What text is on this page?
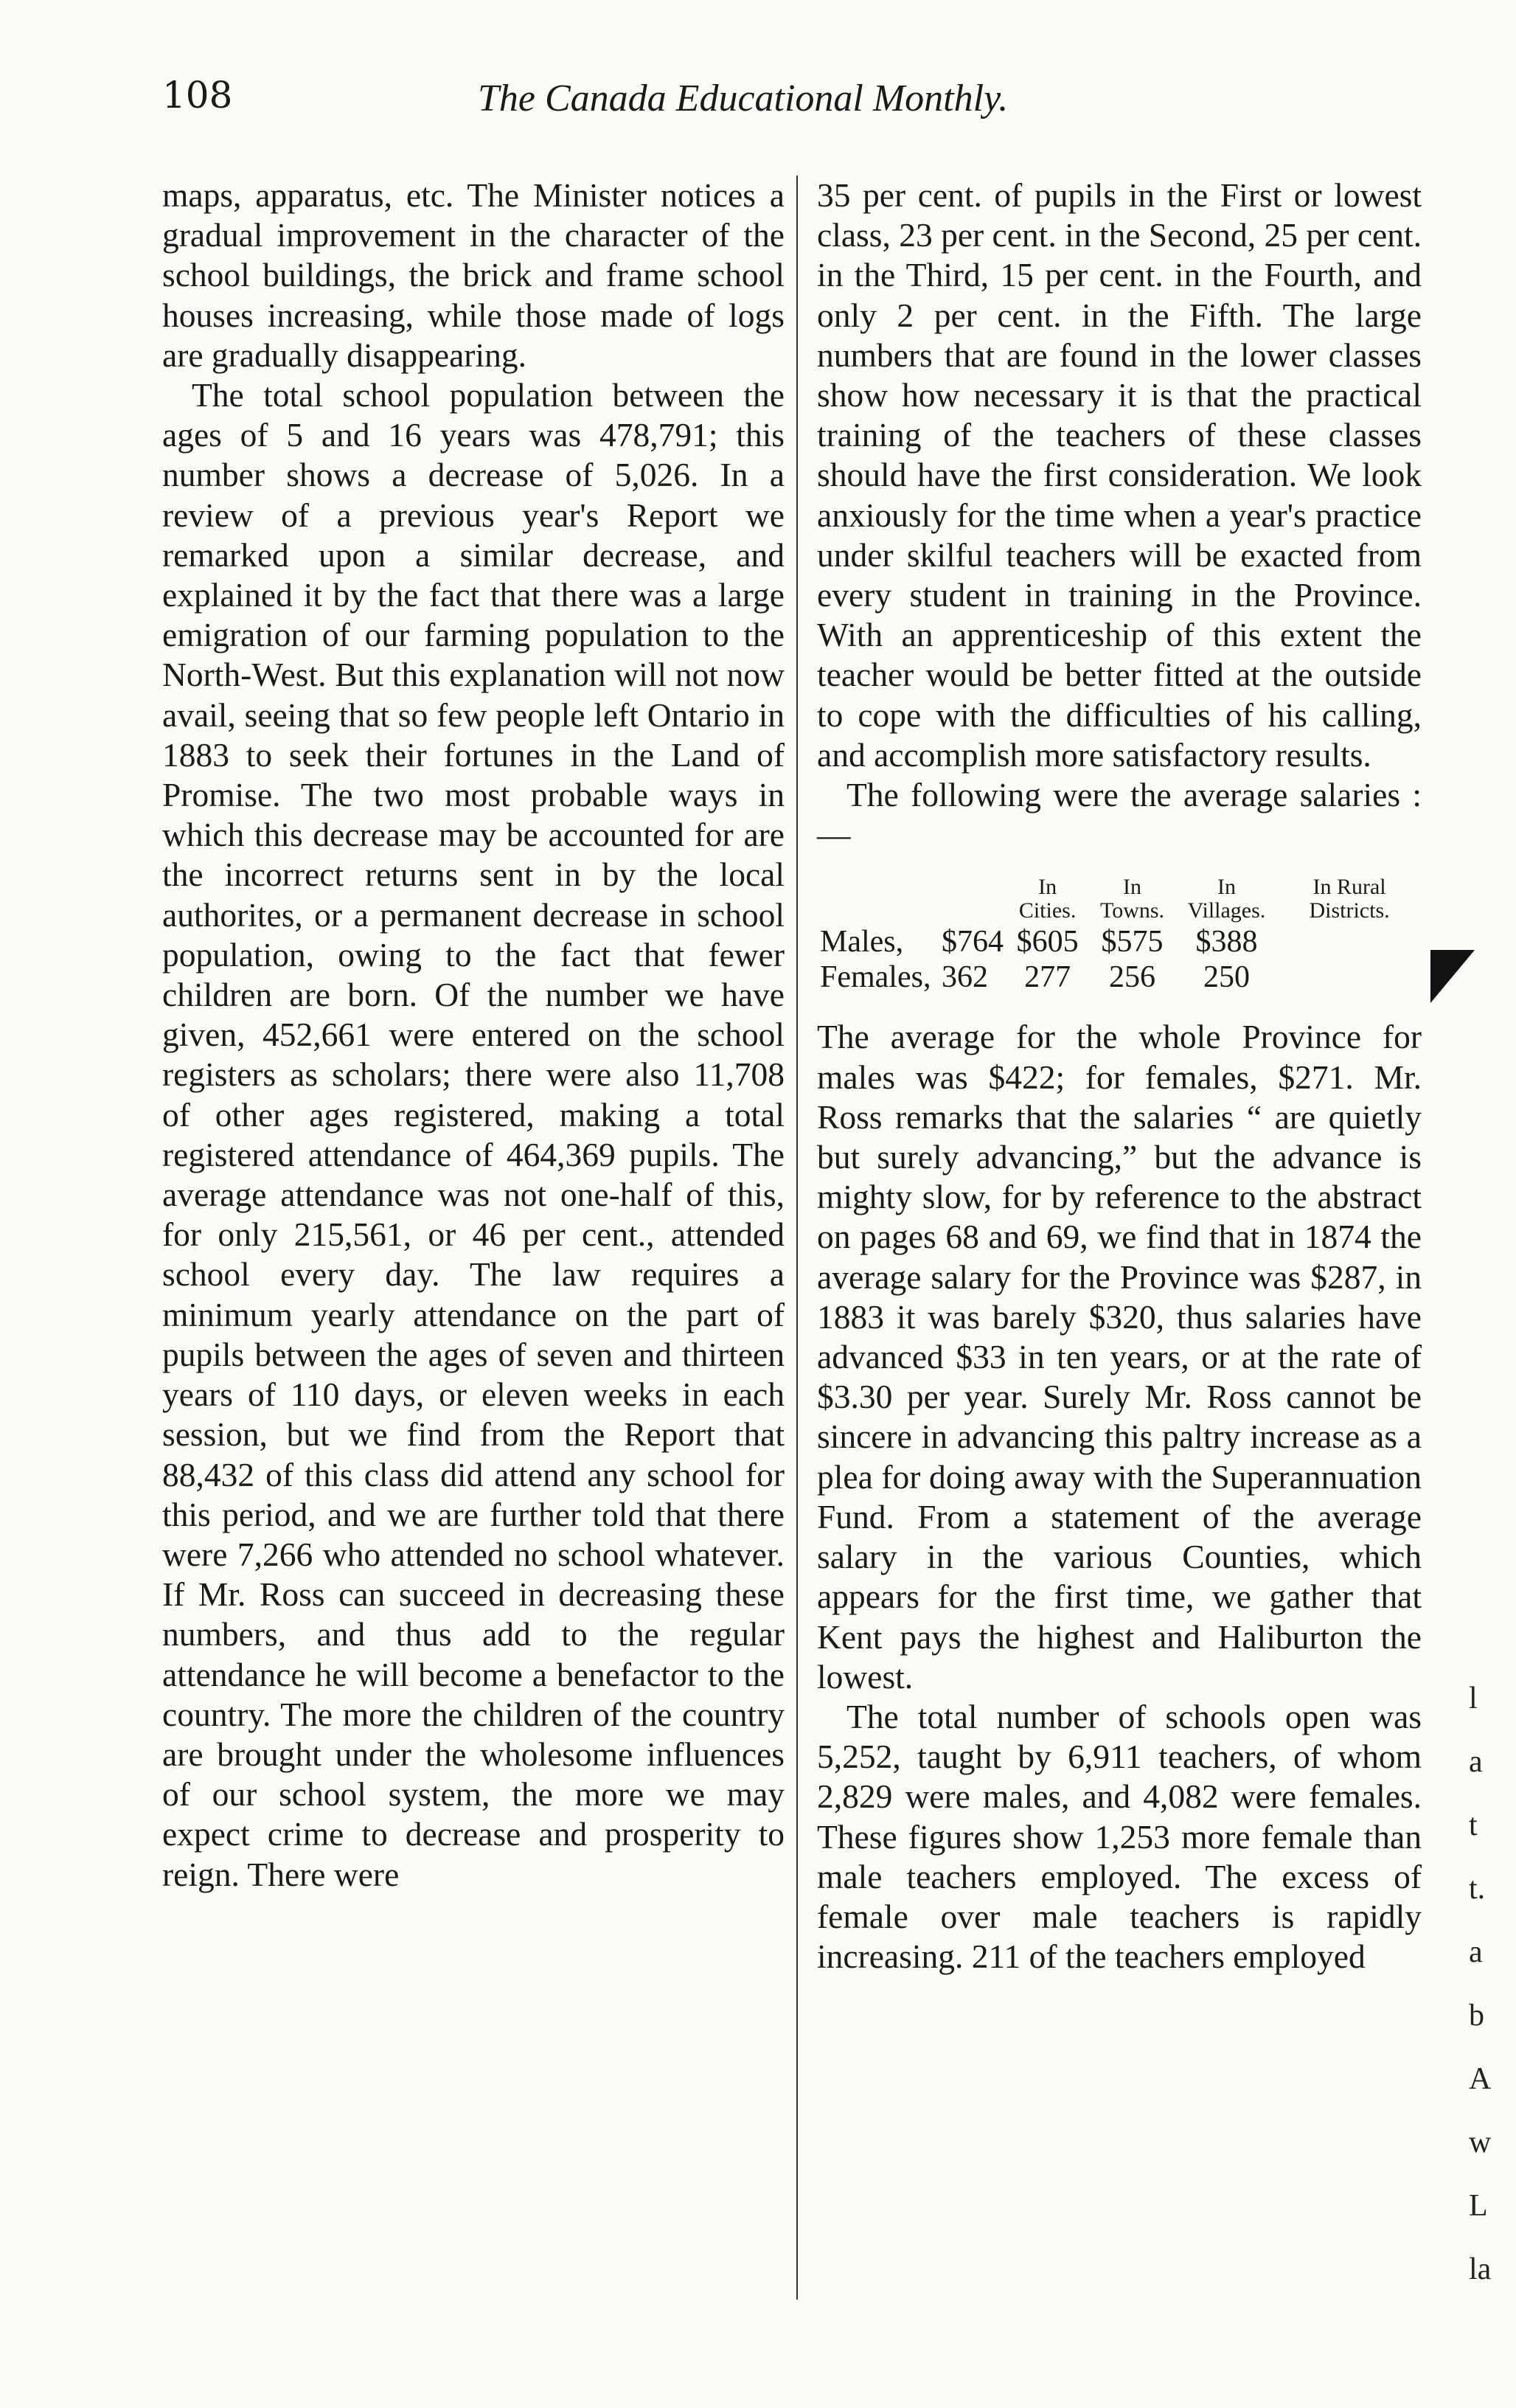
108	The Canada Educational Monthly.

maps, apparatus, etc. The Minister notices a gradual improvement in the character of the school buildings, the brick and frame school houses increasing, while those made of logs are gradually disappearing.

The total school population between the ages of 5 and 16 years was 478,791; this number shows a decrease of 5,026. In a review of a previous year's Report we remarked upon a similar decrease, and explained it by the fact that there was a large emigration of our farming population to the North-West. But this explanation will not now avail, seeing that so few people left Ontario in 1883 to seek their fortunes in the Land of Promise. The two most probable ways in which this decrease may be accounted for are the incorrect returns sent in by the local authorites, or a permanent decrease in school population, owing to the fact that fewer children are born. Of the number we have given, 452,661 were entered on the school registers as scholars; there were also 11,708 of other ages registered, making a total registered attendance of 464,369 pupils. The average attendance was not one-half of this, for only 215,561, or 46 per cent., attended school every day. The law requires a minimum yearly attendance on the part of pupils between the ages of seven and thirteen years of 110 days, or eleven weeks in each session, but we find from the Report that 88,432 of this class did attend any school for this period, and we are further told that there were 7,266 who attended no school whatever. If Mr. Ross can succeed in decreasing these numbers, and thus add to the regular attendance he will become a benefactor to the country. The more the children of the country are brought under the wholesome influences of our school system, the more we may expect crime to decrease and prosperity to reign. There were

35 per cent. of pupils in the First or lowest class, 23 per cent. in the Second, 25 per cent. in the Third, 15 per cent. in the Fourth, and only 2 per cent. in the Fifth. The large numbers that are found in the lower classes show how necessary it is that the practical training of the teachers of these classes should have the first consideration. We look anxiously for the time when a year's practice under skilful teachers will be exacted from every student in training in the Province. With an apprenticeship of this extent the teacher would be better fitted at the outside to cope with the difficulties of his calling, and accomplish more satisfactory results.

The following were the average salaries :—

	In Cities.	In Towns.	In Villages.	In Rural Districts.
Males, $764	$605	$575	$388	
Females, 362	277	256	250	

The average for the whole Province for males was $422; for females, $271. Mr. Ross remarks that the salaries “ are quietly but surely advancing,” but the advance is mighty slow, for by reference to the abstract on pages 68 and 69, we find that in 1874 the average salary for the Province was $287, in 1883 it was barely $320, thus salaries have advanced $33 in ten years, or at the rate of $3.30 per year. Surely Mr. Ross cannot be sincere in advancing this paltry increase as a plea for doing away with the Superannuation Fund. From a statement of the average salary in the various Counties, which appears for the first time, we gather that Kent pays the highest and Haliburton the lowest.

The total number of schools open was 5,252, taught by 6,911 teachers, of whom 2,829 were males, and 4,082 were females. These figures show 1,253 more female than male teachers employed. The excess of female over male teachers is rapidly increasing. 211 of the teachers employed

l
a
t
t.
a
b
A
w
L
la
